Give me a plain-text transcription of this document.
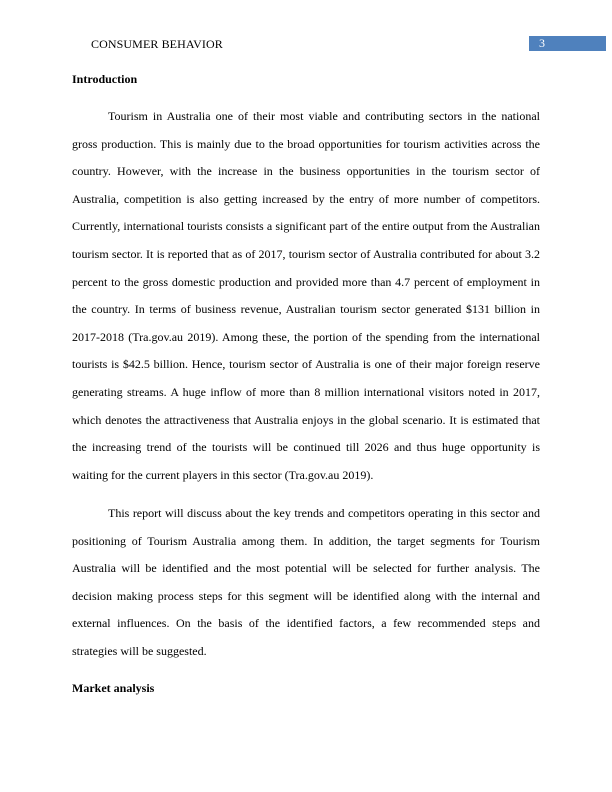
CONSUMER BEHAVIOR	3
Introduction

Tourism in Australia one of their most viable and contributing sectors in the national gross production. This is mainly due to the broad opportunities for tourism activities across the country. However, with the increase in the business opportunities in the tourism sector of Australia, competition is also getting increased by the entry of more number of competitors. Currently, international tourists consists a significant part of the entire output from the Australian tourism sector. It is reported that as of 2017, tourism sector of Australia contributed for about 3.2 percent to the gross domestic production and provided more than 4.7 percent of employment in the country. In terms of business revenue, Australian tourism sector generated $131 billion in 2017-2018 (Tra.gov.au 2019). Among these, the portion of the spending from the international tourists is $42.5 billion. Hence, tourism sector of Australia is one of their major foreign reserve generating streams. A huge inflow of more than 8 million international visitors noted in 2017, which denotes the attractiveness that Australia enjoys in the global scenario. It is estimated that the increasing trend of the tourists will be continued till 2026 and thus huge opportunity is waiting for the current players in this sector (Tra.gov.au 2019).

This report will discuss about the key trends and competitors operating in this sector and positioning of Tourism Australia among them. In addition, the target segments for Tourism Australia will be identified and the most potential will be selected for further analysis. The decision making process steps for this segment will be identified along with the internal and external influences. On the basis of the identified factors, a few recommended steps and strategies will be suggested.

Market analysis
